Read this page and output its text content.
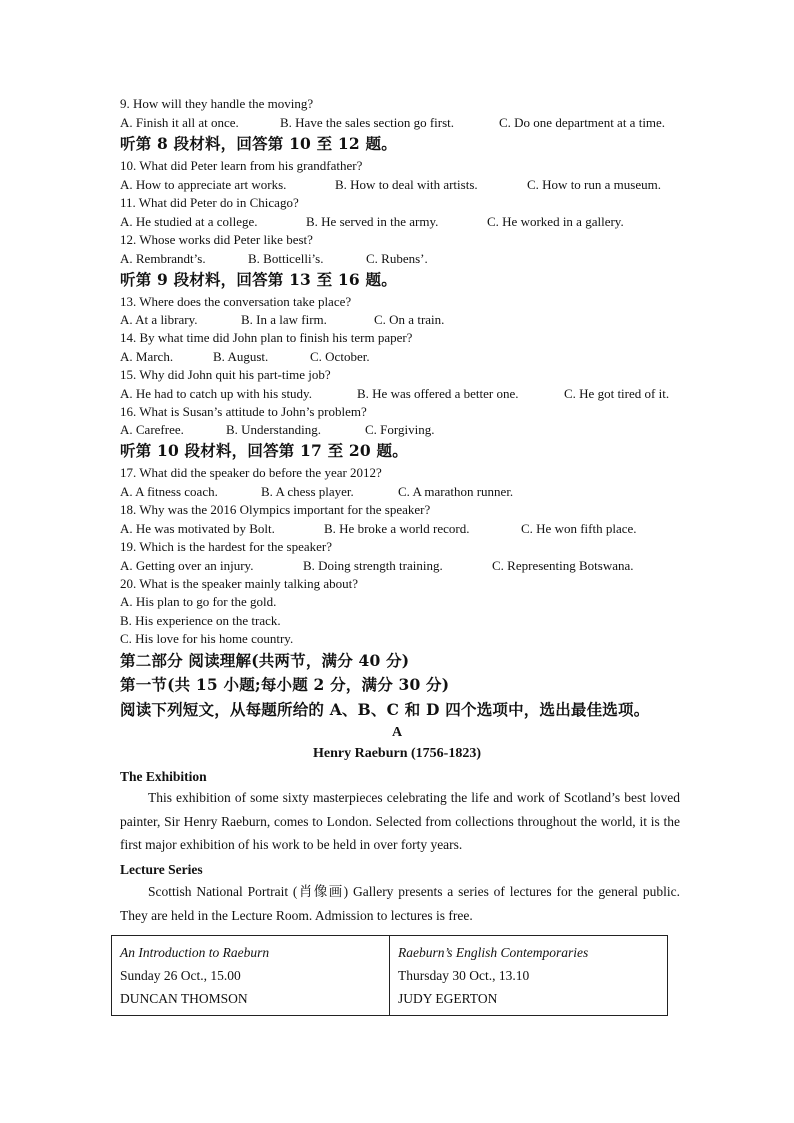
9. How will they handle the moving?
A. Finish it all at once.	B. Have the sales section go first.	C. Do one department at a time.
听第 8 段材料，回答第 10 至 12 题。
10. What did Peter learn from his grandfather?
A. How to appreciate art works.	B. How to deal with artists.	C. How to run a museum.
11. What did Peter do in Chicago?
A. He studied at a college.	B. He served in the army.	C. He worked in a gallery.
12. Whose works did Peter like best?
A. Rembrandt’s.	B. Botticelli’s.	C. Rubens’.
听第 9 段材料，回答第 13 至 16 题。
13. Where does the conversation take place?
A. At a library.	B. In a law firm.	C. On a train.
14. By what time did John plan to finish his term paper?
A. March.	B. August.	C. October.
15. Why did John quit his part-time job?
A. He had to catch up with his study.	B. He was offered a better one.	C. He got tired of it.
16. What is Susan’s attitude to John’s problem?
A. Carefree.	B. Understanding.	C. Forgiving.
听第 10 段材料，回答第 17 至 20 题。
17. What did the speaker do before the year 2012?
A. A fitness coach.	B. A chess player.	C. A marathon runner.
18. Why was the 2016 Olympics important for the speaker?
A. He was motivated by Bolt.	B. He broke a world record.	C. He won fifth place.
19. Which is the hardest for the speaker?
A. Getting over an injury.	B. Doing strength training.	C. Representing Botswana.
20. What is the speaker mainly talking about?
A. His plan to go for the gold.
B. His experience on the track.
C. His love for his home country.
第二部分 阅读理解(共两节，满分 40 分)
第一节(共 15 小题;每小题 2 分，满分 30 分)
阅读下列短文，从每题所给的 A、B、C 和 D 四个选项中，选出最佳选项。
A
Henry Raeburn (1756-1823)
The Exhibition
This exhibition of some sixty masterpieces celebrating the life and work of Scotland’s best loved painter, Sir Henry Raeburn, comes to London. Selected from collections throughout the world, it is the first major exhibition of his work to be held in over forty years.
Lecture Series
Scottish National Portrait (肖像画) Gallery presents a series of lectures for the general public. They are held in the Lecture Room. Admission to lectures is free.
An Introduction to Raeburn
Sunday 26 Oct., 15.00
DUNCAN THOMSON

Raeburn’s English Contemporaries
Thursday 30 Oct., 13.10
JUDY EGERTON
